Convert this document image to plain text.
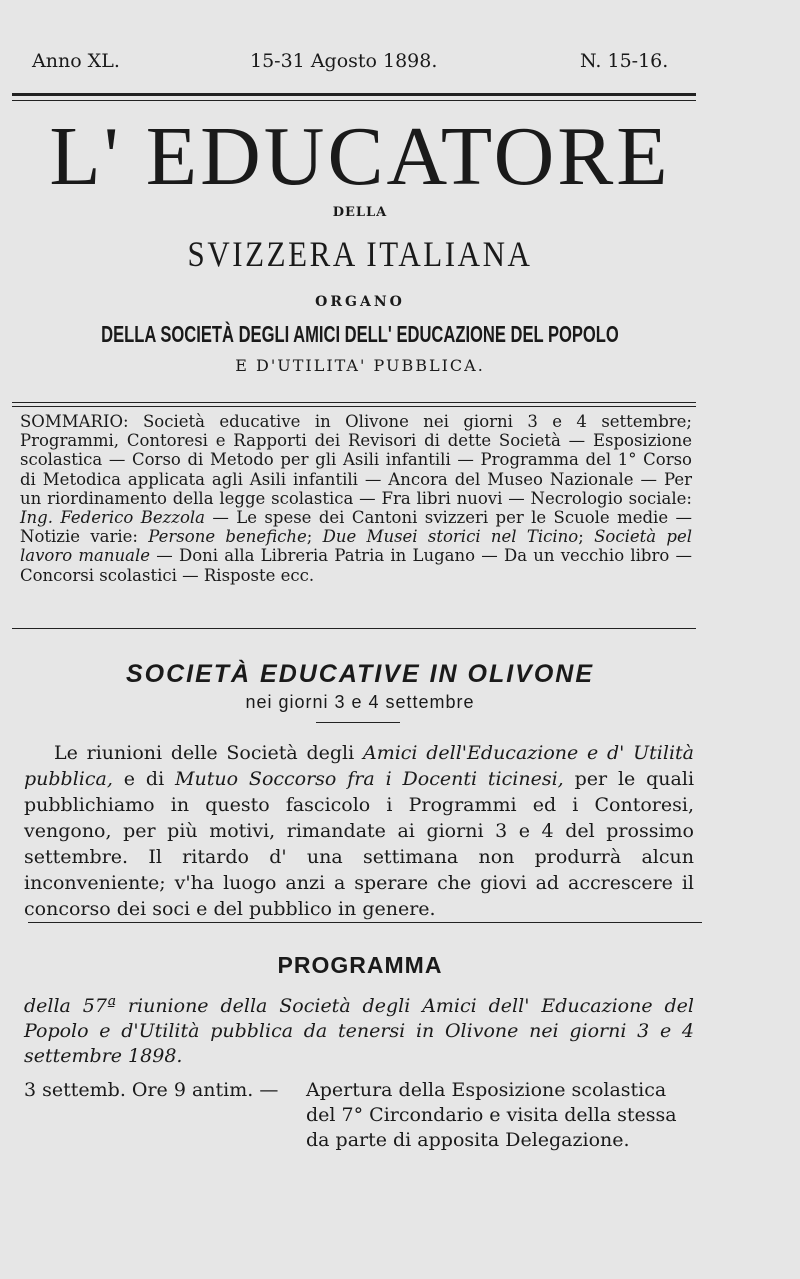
Anno XL.	15-31 Agosto 1898.	N. 15-16.
L' EDUCATORE

DELLA

SVIZZERA ITALIANA

ORGANO

DELLA SOCIETÀ DEGLI AMICI DELL' EDUCAZIONE DEL POPOLO

E D'UTILITA' PUBBLICA.

SOMMARIO: Società educative in Olivone nei giorni 3 e 4 settembre; Programmi, Contoresi e Rapporti dei Revisori di dette Società — Esposizione scolastica — Corso di Metodo per gli Asili infantili — Programma del 1° Corso di Metodica applicata agli Asili infantili — Ancora del Museo Nazionale — Per un riordinamento della legge scolastica — Fra libri nuovi — Necrologio sociale: Ing. Federico Bezzola — Le spese dei Cantoni svizzeri per le Scuole medie — Notizie varie: Persone benefiche; Due Musei storici nel Ticino; Società pel lavoro manuale — Doni alla Libreria Patria in Lugano — Da un vecchio libro — Concorsi scolastici — Risposte ecc.

SOCIETÀ EDUCATIVE IN OLIVONE

nei giorni 3 e 4 settembre

Le riunioni delle Società degli Amici dell'Educazione e d' Utilità pubblica, e di Mutuo Soccorso fra i Docenti ticinesi, per le quali pubblichiamo in questo fascicolo i Programmi ed i Contoresi, vengono, per più motivi, rimandate ai giorni 3 e 4 del prossimo settembre. Il ritardo d' una settimana non produrrà alcun inconveniente; v'ha luogo anzi a sperare che giovi ad accrescere il concorso dei soci e del pubblico in genere.

PROGRAMMA

della 57ª riunione della Società degli Amici dell' Educazione del Popolo e d'Utilità pubblica da tenersi in Olivone nei giorni 3 e 4 settembre 1898.

3 settemb. Ore 9 antim. — Apertura della Esposizione scolastica
del 7° Circondario e visita della stessa
da parte di apposita Delegazione.
